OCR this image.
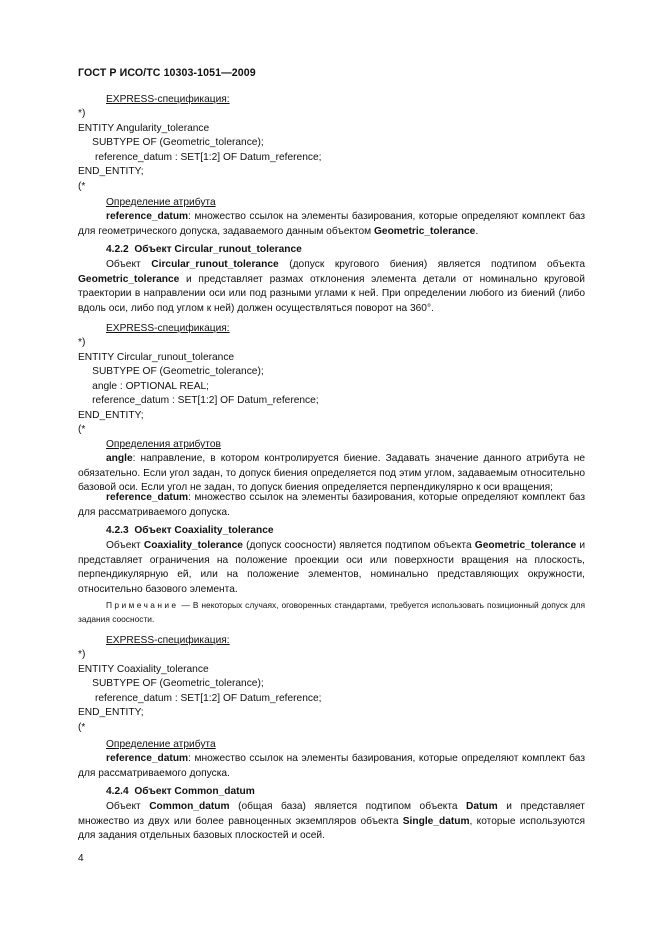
ГОСТ Р ИСО/ТС 10303-1051—2009
EXPRESS-спецификация:
*)
ENTITY Angularity_tolerance
SUBTYPE OF (Geometric_tolerance);
reference_datum : SET[1:2] OF Datum_reference;
END_ENTITY;
(*
Определение атрибута
reference_datum: множество ссылок на элементы базирования, которые определяют комплект баз для геометрического допуска, задаваемого данным объектом Geometric_tolerance.
4.2.2 Объект Circular_runout_tolerance
Объект Circular_runout_tolerance (допуск кругового биения) является подтипом объекта Geometric_tolerance и представляет размах отклонения элемента детали от номинально круговой траектории в направлении оси или под разными углами к ней. При определении любого из биений (либо вдоль оси, либо под углом к ней) должен осуществляться поворот на 360°.
EXPRESS-спецификация:
*)
ENTITY Circular_runout_tolerance
SUBTYPE OF (Geometric_tolerance);
angle : OPTIONAL REAL;
reference_datum : SET[1:2] OF Datum_reference;
END_ENTITY;
(*
Определения атрибутов
angle: направление, в котором контролируется биение. Задавать значение данного атрибута не обязательно. Если угол задан, то допуск биения определяется под этим углом, задаваемым относительно базовой оси. Если угол не задан, то допуск биения определяется перпендикулярно к оси вращения;
reference_datum: множество ссылок на элементы базирования, которые определяют комплект баз для рассматриваемого допуска.
4.2.3 Объект Coaxiality_tolerance
Объект Coaxiality_tolerance (допуск соосности) является подтипом объекта Geometric_tolerance и представляет ограничения на положение проекции оси или поверхности вращения на плоскость, перпендикулярную ей, или на положение элементов, номинально представляющих окружности, относительно базового элемента.
Примечание — В некоторых случаях, оговоренных стандартами, требуется использовать позиционный допуск для задания соосности.
EXPRESS-спецификация:
*)
ENTITY Coaxiality_tolerance
SUBTYPE OF (Geometric_tolerance);
reference_datum : SET[1:2] OF Datum_reference;
END_ENTITY;
(*
Определение атрибута
reference_datum: множество ссылок на элементы базирования, которые определяют комплект баз для рассматриваемого допуска.
4.2.4 Объект Common_datum
Объект Common_datum (общая база) является подтипом объекта Datum и представляет множество из двух или более равноценных экземпляров объекта Single_datum, которые используются для задания отдельных базовых плоскостей и осей.
4
